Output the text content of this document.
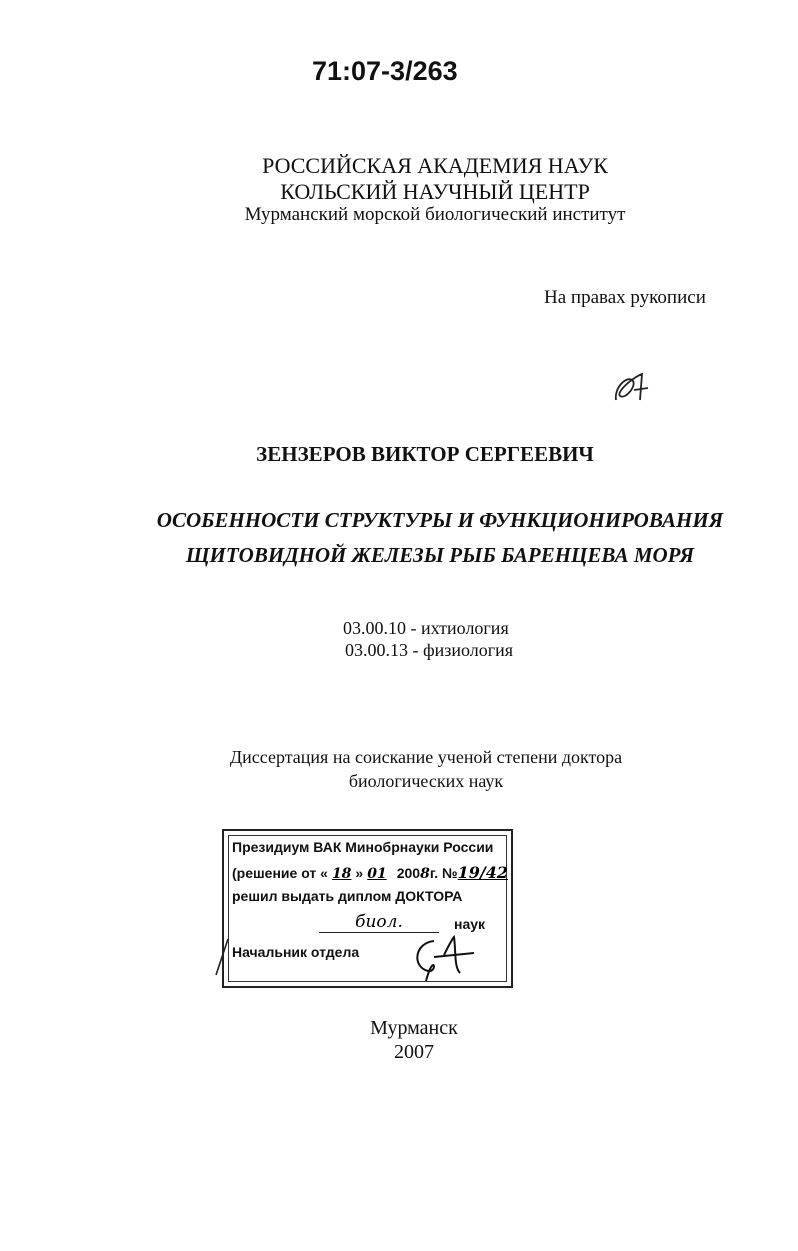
71:07-3/263
РОССИЙСКАЯ АКАДЕМИЯ НАУК
КОЛЬСКИЙ НАУЧНЫЙ ЦЕНТР
Мурманский морской биологический институт
На правах рукописи
ЗЕНЗЕРОВ ВИКТОР СЕРГЕЕВИЧ
ОСОБЕННОСТИ СТРУКТУРЫ И ФУНКЦИОНИРОВАНИЯ
ЩИТОВИДНОЙ ЖЕЛЕЗЫ РЫБ БАРЕНЦЕВА МОРЯ
03.00.10 - ихтиология
03.00.13 - физиология
Диссертация на соискание ученой степени доктора
биологических наук
Президиум ВАК Минобрнауки России
(решение от « 18 » 01 2008г. №19/42
решил выдать диплом ДОКТОРА
биол.	наук
Начальник отдела
Мурманск
2007
